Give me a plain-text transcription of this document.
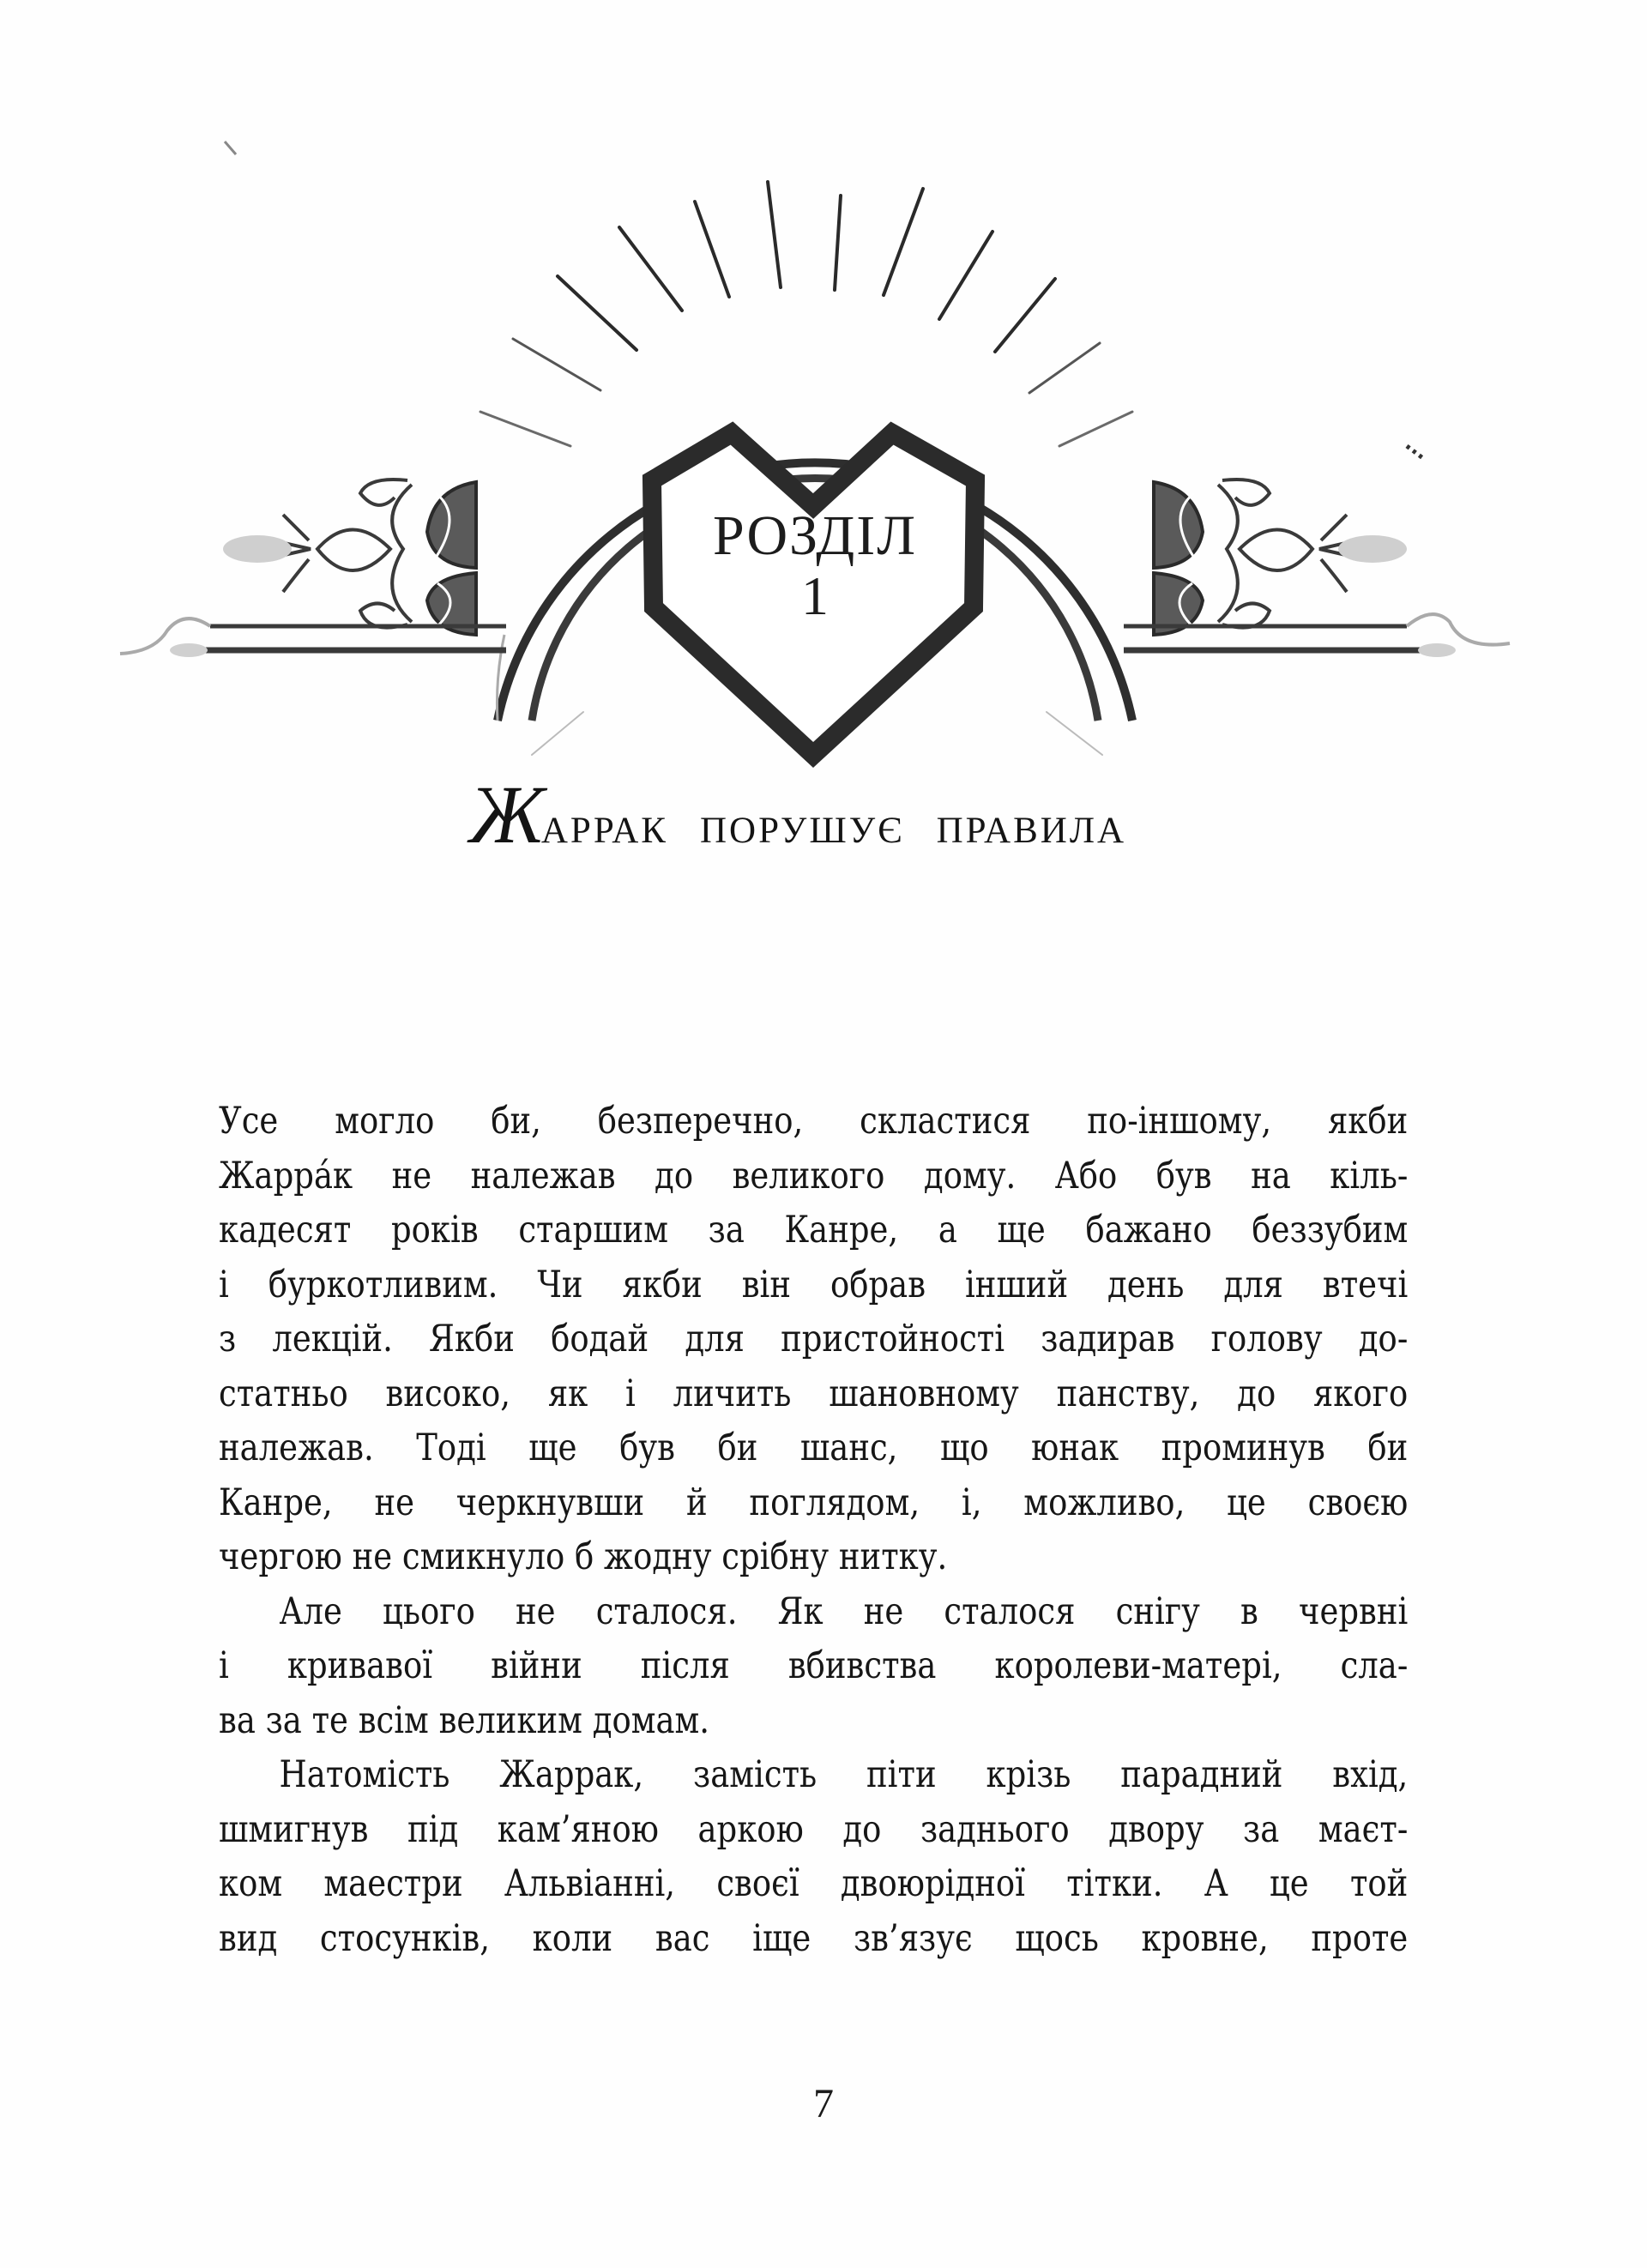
РОЗДІЛ
1
Жаррак порушує правила
Усе могло би, безперечно, скластися по-іншому, якби
Жарра́к не належав до великого дому. Або був на кіль-
кадесят років старшим за Канре, а ще бажано беззубим
і буркотливим. Чи якби він обрав інший день для втечі
з лекцій. Якби бодай для пристойності задирав голову до-
статньо високо, як і личить шановному панству, до якого
належав. Тоді ще був би шанс, що юнак проминув би
Канре, не черкнувши й поглядом, і, можливо, це своєю
чергою не смикнуло б жодну срібну нитку.
Але цього не сталося. Як не сталося снігу в червні
і кривавої війни після вбивства королеви-матері, сла-
ва за те всім великим домам.
Натомість Жаррак, замість піти крізь парадний вхід,
шмигнув під кам’яною аркою до заднього двору за маєт-
ком маестри Альвіанні, своєї двоюрідної тітки. А це той
вид стосунків, коли вас іще зв’язує щось кровне, проте
7
